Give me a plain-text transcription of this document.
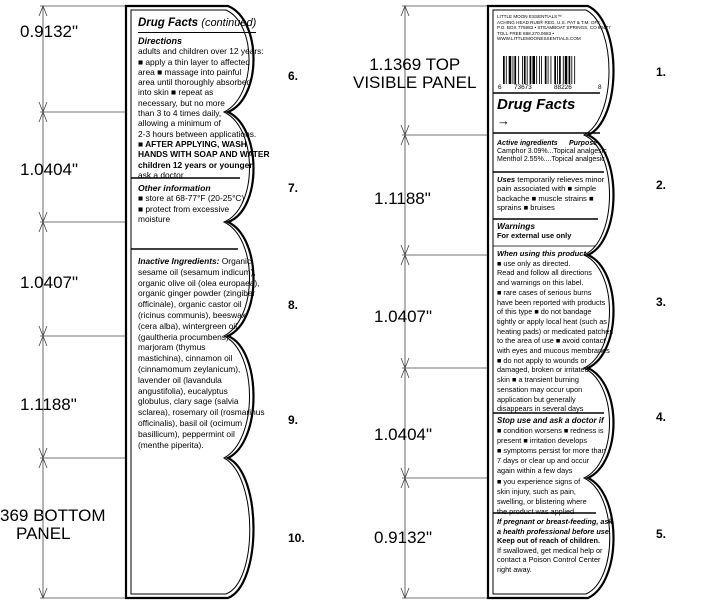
0.9132"
1.0404"
1.0407"
1.1188"
369 BOTTOM
PANEL
6.
7.
8.
9.
10.
Drug Facts (continued)
Directions
adults and children over 12 years:
■ apply a thin layer to affected
area ■ massage into painful
area until thoroughly absorbed
into skin ■ repeat as
necessary, but no more
than 3 to 4 times daily,
allowing a minimum of
2-3 hours between applications.
■ AFTER APPLYING, WASH
HANDS WITH SOAP AND WATER
children 12 years or younger:
ask a doctor
Other information
■ store at 68-77°F (20-25°C)
■ protect from excessive
moisture
Inactive Ingredients: Organic
sesame oil (sesamum indicum),
organic olive oil (olea europaea),
organic ginger powder (zingiber
officinale), organic castor oil
(ricinus communis), beeswax
(cera alba), wintergreen oil
(gaultheria procumbens),
marjoram (thymus
mastichina), cinnamon oil
(cinnamomum zeylanicum),
lavender oil (lavandula
angustifolia), eucalyptus
globulus, clary sage (salvia
sclarea), rosemary oil (rosmarinus
officinalis), basil oil (ocimum
basillicum), peppermint oil
(menthe piperita).
1.1369 TOP
VISIBLE PANEL
1.1188"
1.0407"
1.0404"
0.9132"
1.
2.
3.
4.
5.
LITTLE MOON ESSENTIALS™
ACHING HEAD RUB® REG. U.S. PAT & T.M. OFF.
P.O. BOX 775983 • STEAMBOAT SPRINGS, CO 80477
TOLL FREE 888.270.0683 •
WWW.LITTLEMOONESSENTIALS.COM
6 73673	88226	8
Drug Facts
→
Active ingredients Purpose
Camphor 3.09%...Topical analgesic
Menthol 2.55%....Topical analgesic
Uses temporarily relieves minor
pain associated with ■ simple
backache ■ muscle strains ■
sprains ■ bruises
Warnings
For external use only
When using this product
■ use only as directed.
Read and follow all directions
and warnings on this label.
■ rare cases of serious burns
have been reported with products
of this type ■ do not bandage
tightly or apply local heat (such as
heating pads) or medicated patches
to the area of use ■ avoid contact
with eyes and mucous membranes
■ do not apply to wounds or
damaged, broken or irritated
skin ■ a transient burning
sensation may occur upon
application but generally
disappears in several days
Stop use and ask a doctor if
■ condition worsens ■ redness is
present ■ irritation develops
■ symptoms persist for more than
7 days or clear up and occur
again within a few days
■ you experience signs of
skin injury, such as pain,
swelling, or blistering where
the product was applied
If pregnant or breast-feeding, ask
a health professional before use.
Keep out of reach of children.
If swallowed, get medical help or
contact a Poison Control Center
right away.
